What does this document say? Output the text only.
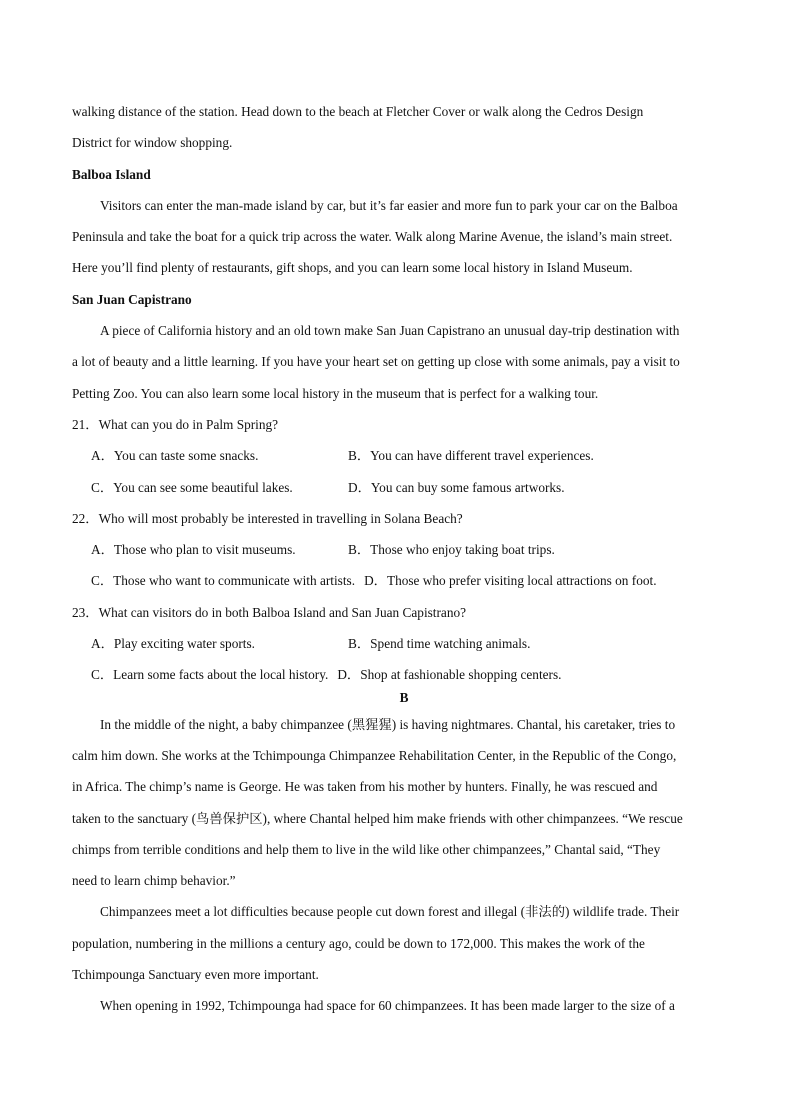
walking distance of the station. Head down to the beach at Fletcher Cover or walk along the Cedros Design
District for window shopping.
Balboa Island
Visitors can enter the man-made island by car, but it’s far easier and more fun to park your car on the Balboa
Peninsula and take the boat for a quick trip across the water. Walk along Marine Avenue, the island’s main street.
Here you’ll find plenty of restaurants, gift shops, and you can learn some local history in Island Museum.
San Juan Capistrano
A piece of California history and an old town make San Juan Capistrano an unusual day-trip destination with
a lot of beauty and a little learning. If you have your heart set on getting up close with some animals, pay a visit to
Petting Zoo. You can also learn some local history in the museum that is perfect for a walking tour.
21．What can you do in Palm Spring?
A．You can taste some snacks.	B．You can have different travel experiences.
C．You can see some beautiful lakes.	D．You can buy some famous artworks.
22．Who will most probably be interested in travelling in Solana Beach?
A．Those who plan to visit museums.	B．Those who enjoy taking boat trips.
C．Those who want to communicate with artists. D．Those who prefer visiting local attractions on foot.
23．What can visitors do in both Balboa Island and San Juan Capistrano?
A．Play exciting water sports.	B．Spend time watching animals.
C．Learn some facts about the local history. D．Shop at fashionable shopping centers.
B
In the middle of the night, a baby chimpanzee (黑猩猩) is having nightmares. Chantal, his caretaker, tries to
calm him down. She works at the Tchimpounga Chimpanzee Rehabilitation Center, in the Republic of the Congo,
in Africa. The chimp’s name is George. He was taken from his mother by hunters. Finally, he was rescued and
taken to the sanctuary (鸟兽保护区), where Chantal helped him make friends with other chimpanzees. “We rescue
chimps from terrible conditions and help them to live in the wild like other chimpanzees,” Chantal said, “They
need to learn chimp behavior.”
Chimpanzees meet a lot difficulties because people cut down forest and illegal (非法的) wildlife trade. Their
population, numbering in the millions a century ago, could be down to 172,000. This makes the work of the
Tchimpounga Sanctuary even more important.
When opening in 1992, Tchimpounga had space for 60 chimpanzees. It has been made larger to the size of a
